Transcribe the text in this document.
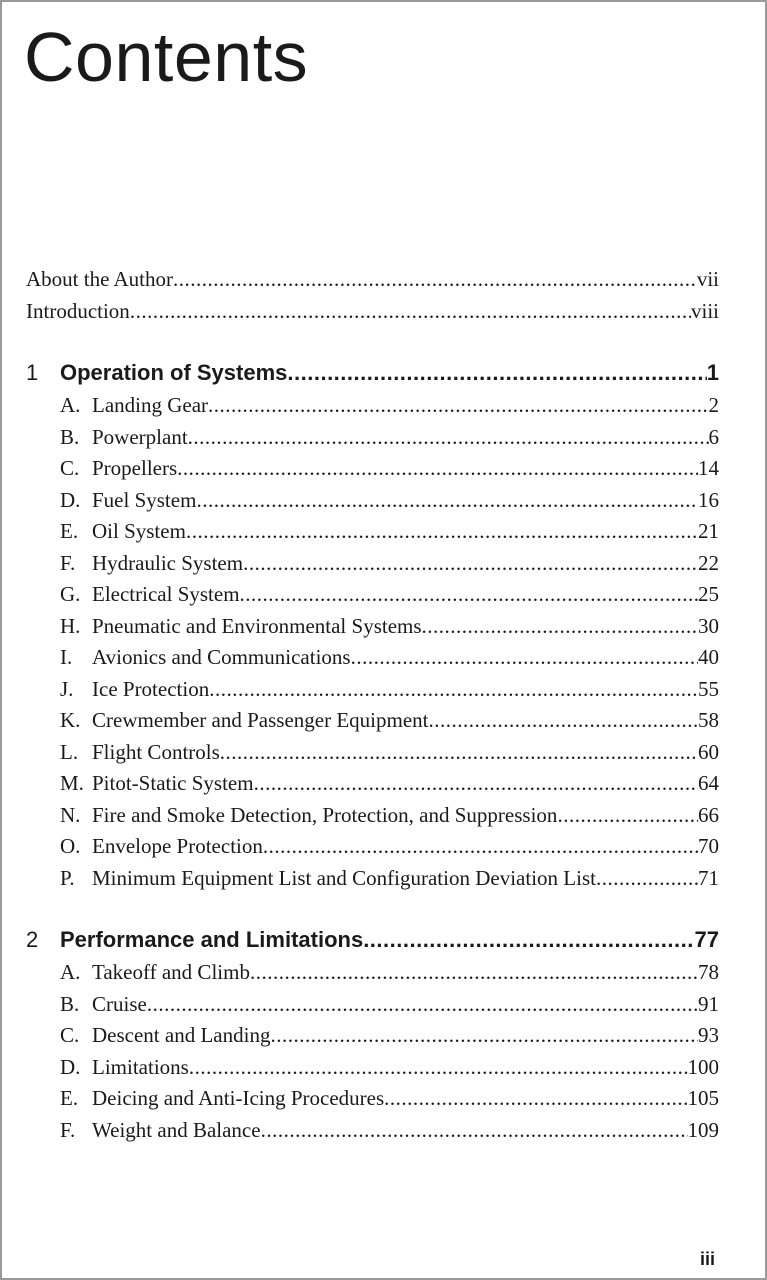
Contents
About the Author .....	vii
Introduction .....	viii
1 Operation of Systems .....	1
A. Landing Gear .....	2
B. Powerplant .....	6
C. Propellers .....	14
D. Fuel System .....	16
E. Oil System .....	21
F. Hydraulic System .....	22
G. Electrical System .....	25
H. Pneumatic and Environmental Systems .....	30
I. Avionics and Communications .....	40
J. Ice Protection .....	55
K. Crewmember and Passenger Equipment .....	58
L. Flight Controls .....	60
M. Pitot-Static System .....	64
N. Fire and Smoke Detection, Protection, and Suppression .....	66
O. Envelope Protection .....	70
P. Minimum Equipment List and Configuration Deviation List .....	71
2 Performance and Limitations .....	77
A. Takeoff and Climb .....	78
B. Cruise .....	91
C. Descent and Landing .....	93
D. Limitations .....	100
E. Deicing and Anti-Icing Procedures .....	105
F. Weight and Balance .....	109
iii
